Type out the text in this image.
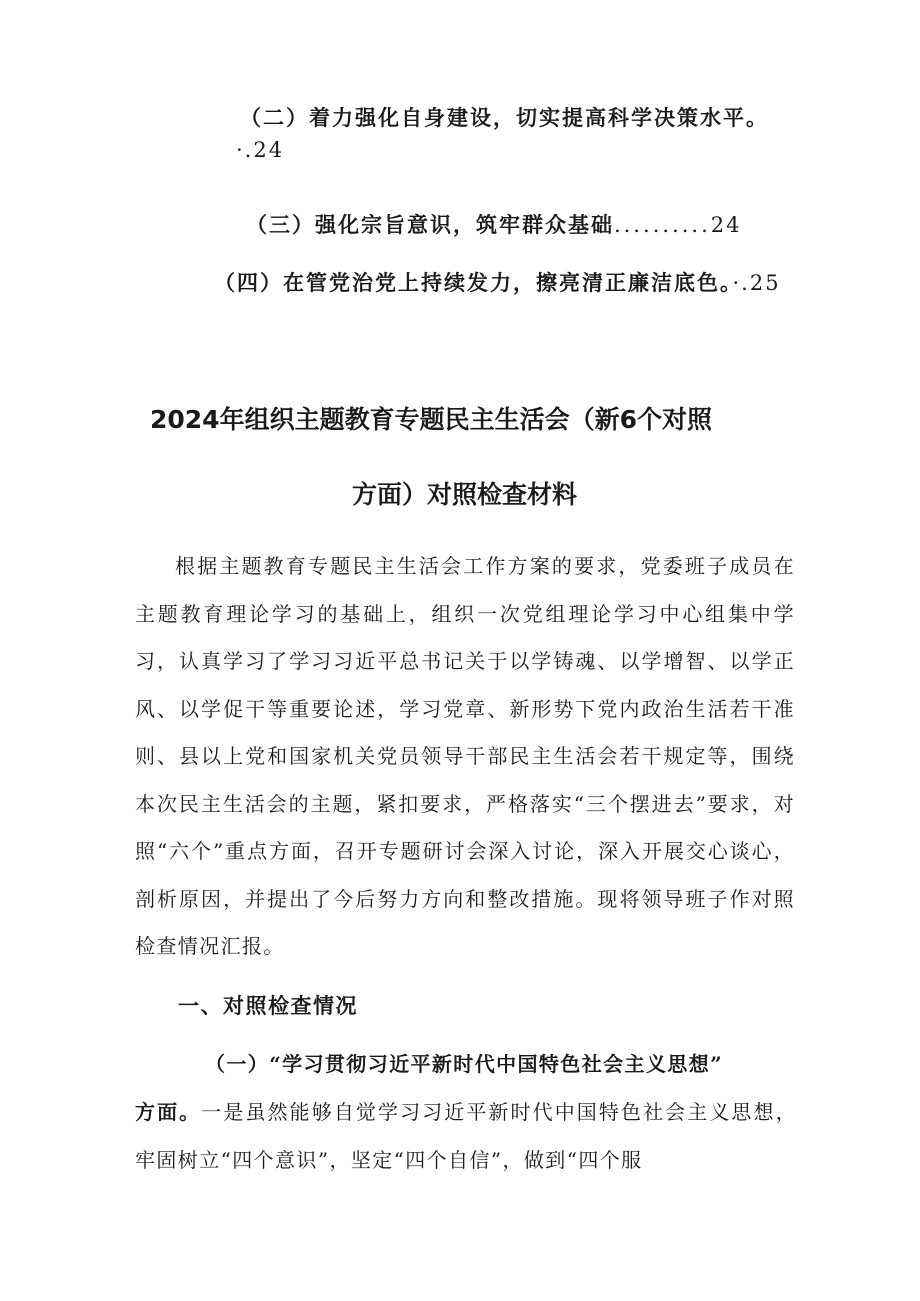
（二）着力强化自身建设，切实提高科学决策水平。
·.24
（三）强化宗旨意识，筑牢群众基础..........24
（四）在管党治党上持续发力，擦亮清正廉洁底色。·.25
2024年组织主题教育专题民主生活会（新6个对照
方面）对照检查材料

根据主题教育专题民主生活会工作方案的要求，党委班子成员在主题教育理论学习的基础上，组织一次党组理论学习中心组集中学习，认真学习了学习习近平总书记关于以学铸魂、以学增智、以学正风、以学促干等重要论述，学习党章、新形势下党内政治生活若干准则、县以上党和国家机关党员领导干部民主生活会若干规定等，围绕本次民主生活会的主题，紧扣要求，严格落实“三个摆进去”要求，对照“六个”重点方面，召开专题研讨会深入讨论，深入开展交心谈心，剖析原因，并提出了今后努力方向和整改措施。现将领导班子作对照检查情况汇报。

一、对照检查情况
（一）“学习贯彻习近平新时代中国特色社会主义思想”
方面。一是虽然能够自觉学习习近平新时代中国特色社会主义思想，牢固树立“四个意识”，坚定“四个自信”，做到“四个服
